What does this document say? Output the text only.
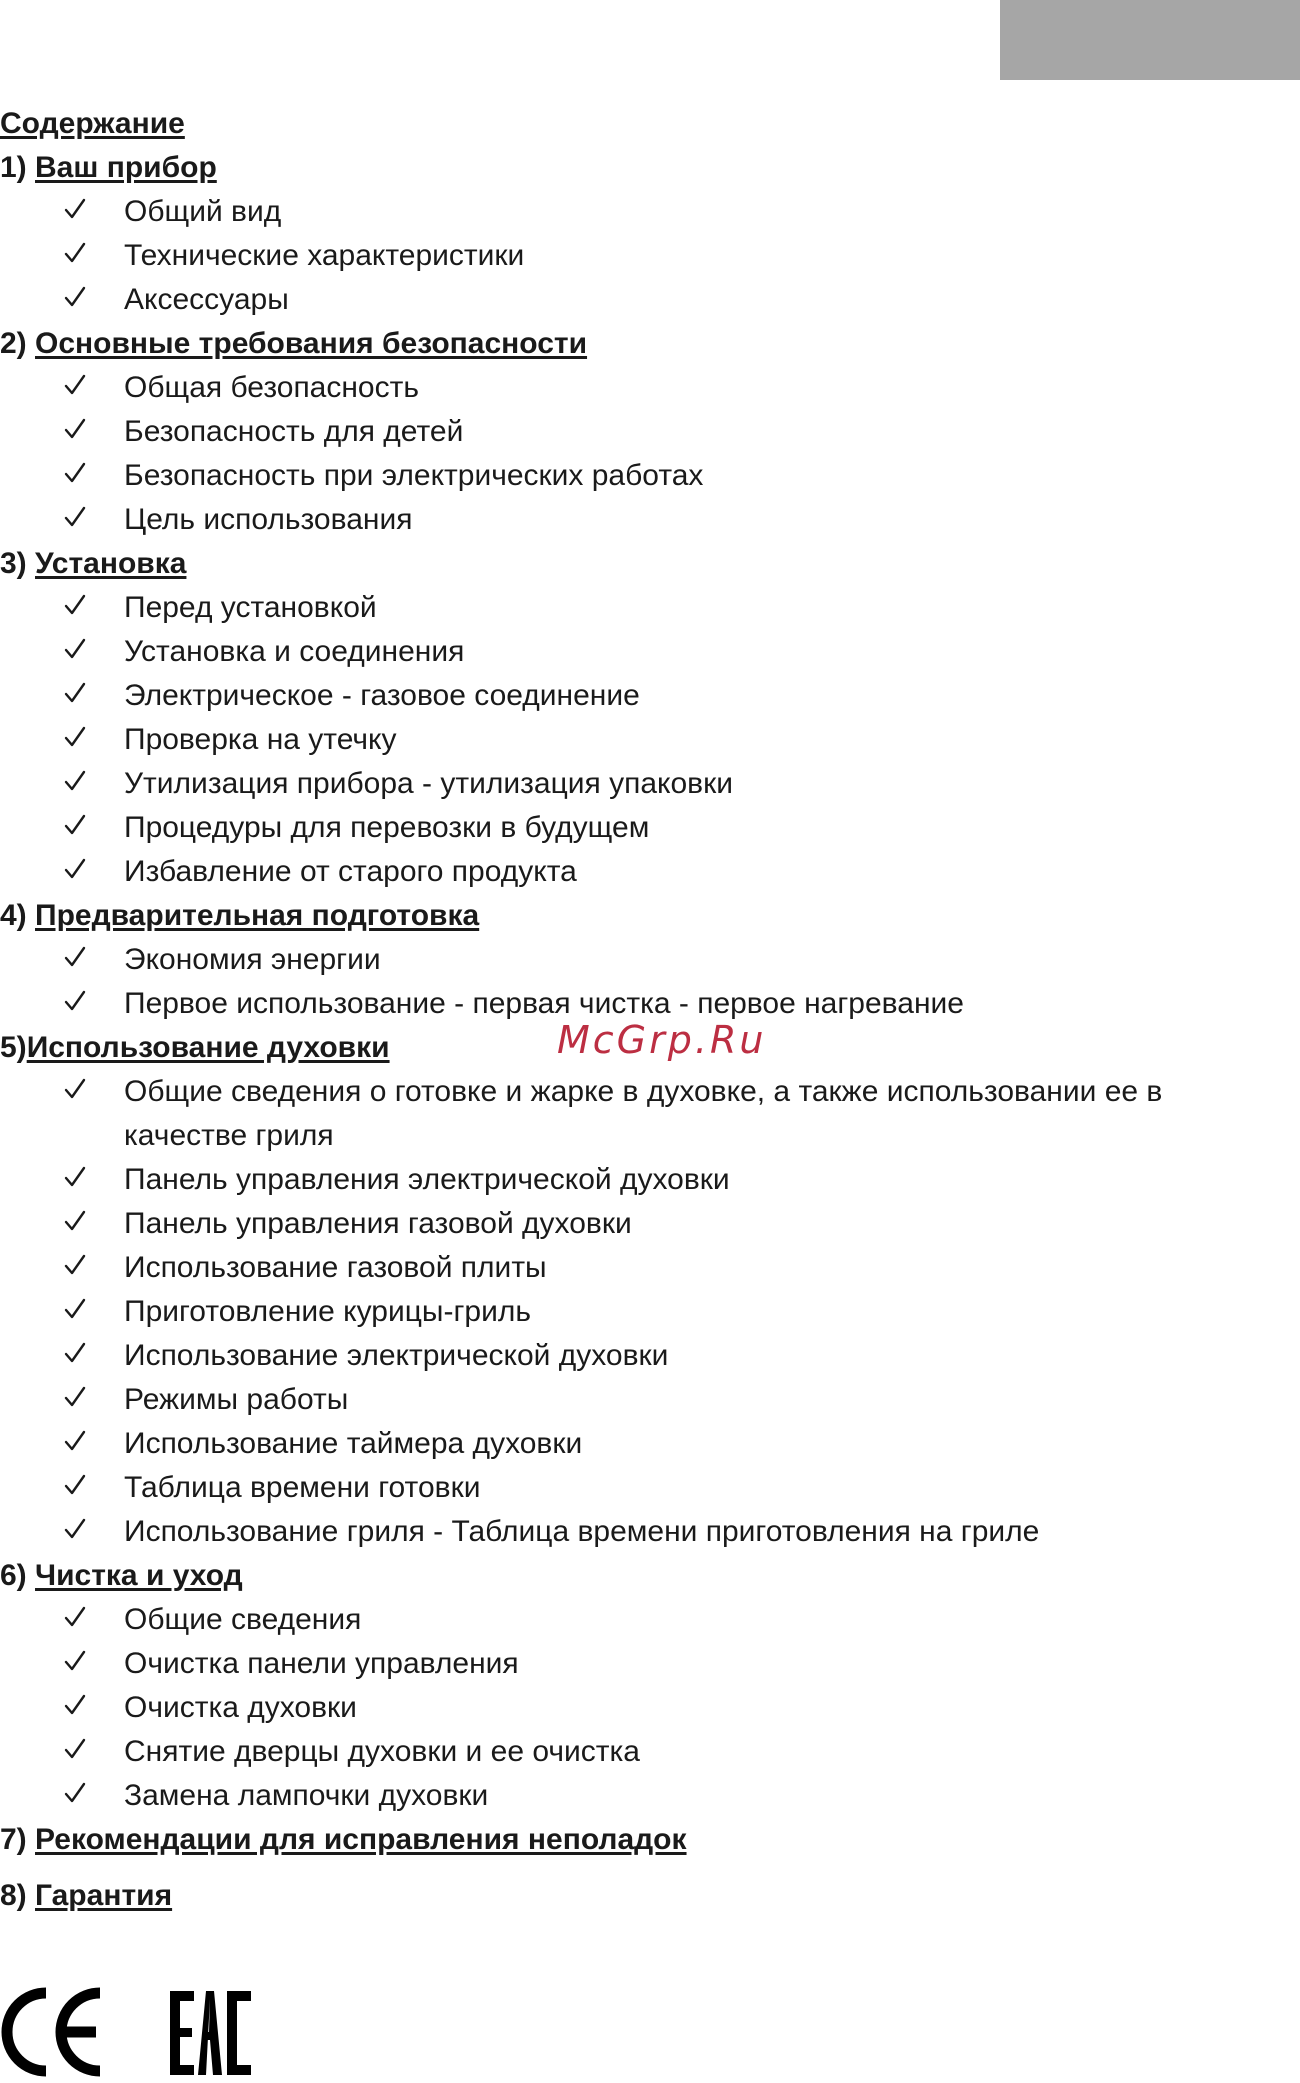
Содержание
1) Ваш прибор
Общий вид
Технические характеристики
Аксессуары
2) Основные требования безопасности
Общая безопасность
Безопасность для детей
Безопасность при электрических работах
Цель использования
3) Установка
Перед установкой
Установка и соединения
Электрическое - газовое соединение
Проверка на утечку
Утилизация прибора - утилизация упаковки
Процедуры для перевозки в будущем
Избавление от старого продукта
4) Предварительная подготовка
Экономия энергии
Первое использование - первая чистка - первое нагревание
5)Использование духовки
Общие сведения о готовке и жарке в духовке, а также использовании ее в качестве гриля
Панель управления электрической духовки
Панель управления газовой духовки
Использование газовой плиты
Приготовление курицы-гриль
Использование электрической духовки
Режимы работы
Использование таймера духовки
Таблица времени готовки
Использование гриля - Таблица времени приготовления на гриле
6) Чистка и уход
Общие сведения
Очистка панели управления
Очистка духовки
Снятие дверцы духовки и ее очистка
Замена лампочки духовки
7) Рекомендации для исправления неполадок
8) Гарантия
McGrp.Ru
